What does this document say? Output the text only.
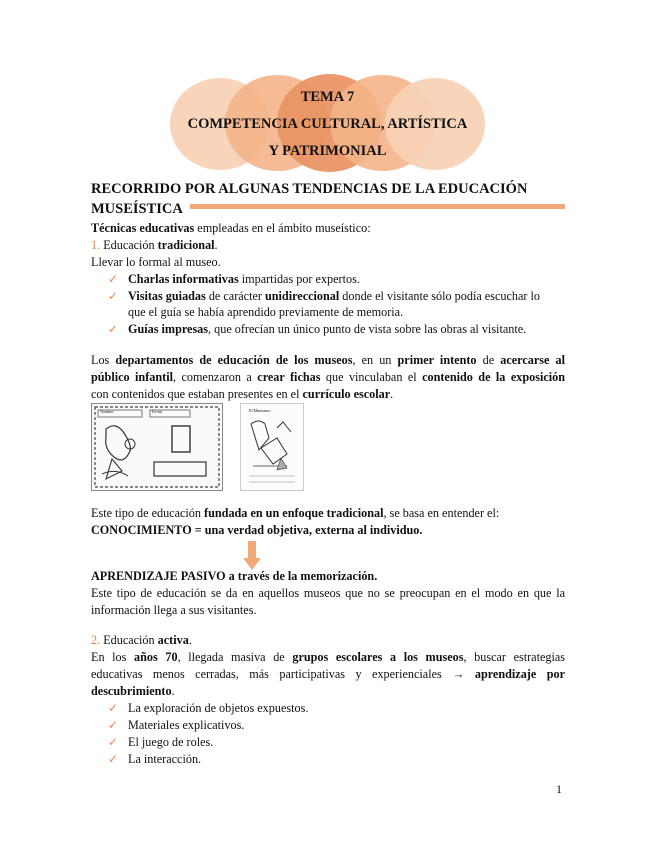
TEMA 7
COMPETENCIA CULTURAL, ARTÍSTICA
Y PATRIMONIAL
RECORRIDO POR ALGUNAS TENDENCIAS DE LA EDUCACIÓN
MUSEÍSTICA
Técnicas educativas empleadas en el ámbito museístico:
1. Educación tradicional.
Llevar lo formal al museo.
✓ Charlas informativas impartidas por expertos.
✓ Visitas guiadas de carácter unidireccional donde el visitante sólo podía escuchar lo
que el guía se había aprendido previamente de memoria.
✓ Guías impresas, que ofrecían un único punto de vista sobre las obras al visitante.
Los departamentos de educación de los museos, en un primer intento de acercarse al
público infantil, comenzaron a crear fichas que vinculaban el contenido de la exposición
con contenidos que estaban presentes en el currículo escolar.
Nombre:	Fecha:	El Minotauro
Este tipo de educación fundada en un enfoque tradicional, se basa en entender el:
CONOCIMIENTO = una verdad objetiva, externa al individuo.
APRENDIZAJE PASIVO a través de la memorización.
Este tipo de educación se da en aquellos museos que no se preocupan en el modo en que la
información llega a sus visitantes.
2. Educación activa.
En los años 70, llegada masiva de grupos escolares a los museos, buscar estrategias
educativas menos cerradas, más participativas y experienciales → aprendizaje por
descubrimiento.
✓ La exploración de objetos expuestos.
✓ Materiales explicativos.
✓ El juego de roles.
✓ La interacción.
1
